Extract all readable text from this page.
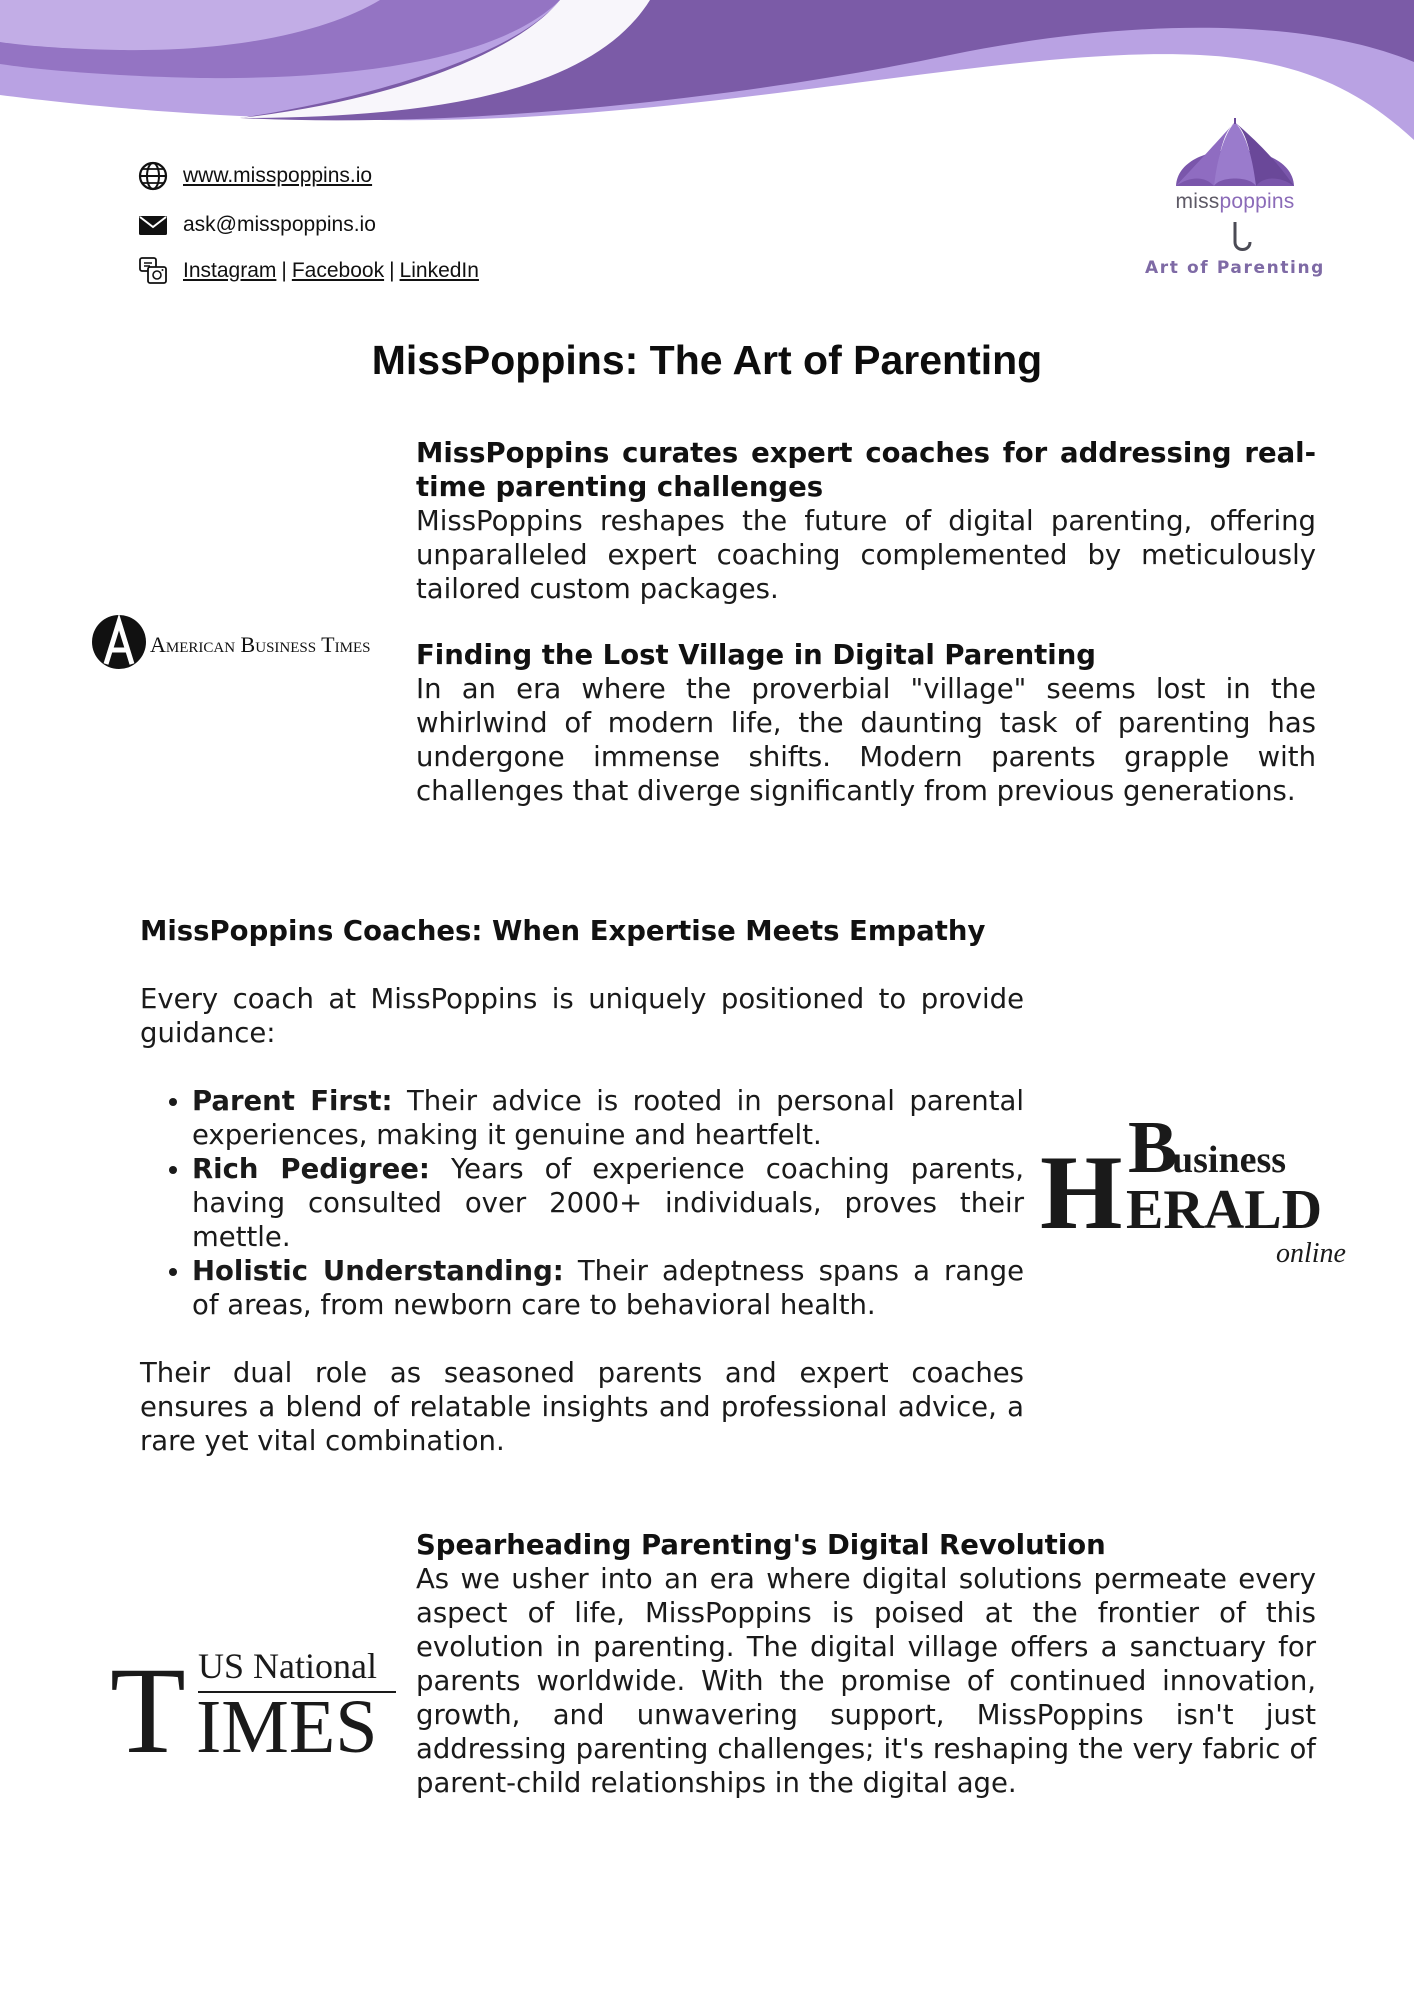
www.misspoppins.io
ask@misspoppins.io
Instagram | Facebook | LinkedIn
misspoppins
Art of Parenting
MissPoppins: The Art of Parenting
MissPoppins curates expert coaches for addressing real-time parenting challenges

MissPoppins reshapes the future of digital parenting, offering unparalleled expert coaching complemented by meticulously tailored custom packages.

Finding the Lost Village in Digital Parenting

In an era where the proverbial "village" seems lost in the whirlwind of modern life, the daunting task of parenting has undergone immense shifts. Modern parents grapple with challenges that diverge significantly from previous generations.

American Business Times
MissPoppins Coaches: When Expertise Meets Empathy

Every coach at MissPoppins is uniquely positioned to provide guidance:

• Parent First: Their advice is rooted in personal parental experiences, making it genuine and heartfelt.
• Rich Pedigree: Years of experience coaching parents, having consulted over 2000+ individuals, proves their mettle.
• Holistic Understanding: Their adeptness spans a range of areas, from newborn care to behavioral health.

Their dual role as seasoned parents and expert coaches ensures a blend of relatable insights and professional advice, a rare yet vital combination.

H B
usiness
ERALD
online
Spearheading Parenting's Digital Revolution

As we usher into an era where digital solutions permeate every aspect of life, MissPoppins is poised at the frontier of this evolution in parenting. The digital village offers a sanctuary for parents worldwide. With the promise of continued innovation, growth, and unwavering support, MissPoppins isn't just addressing parenting challenges; it's reshaping the very fabric of parent-child relationships in the digital age.

T US National
IMES
